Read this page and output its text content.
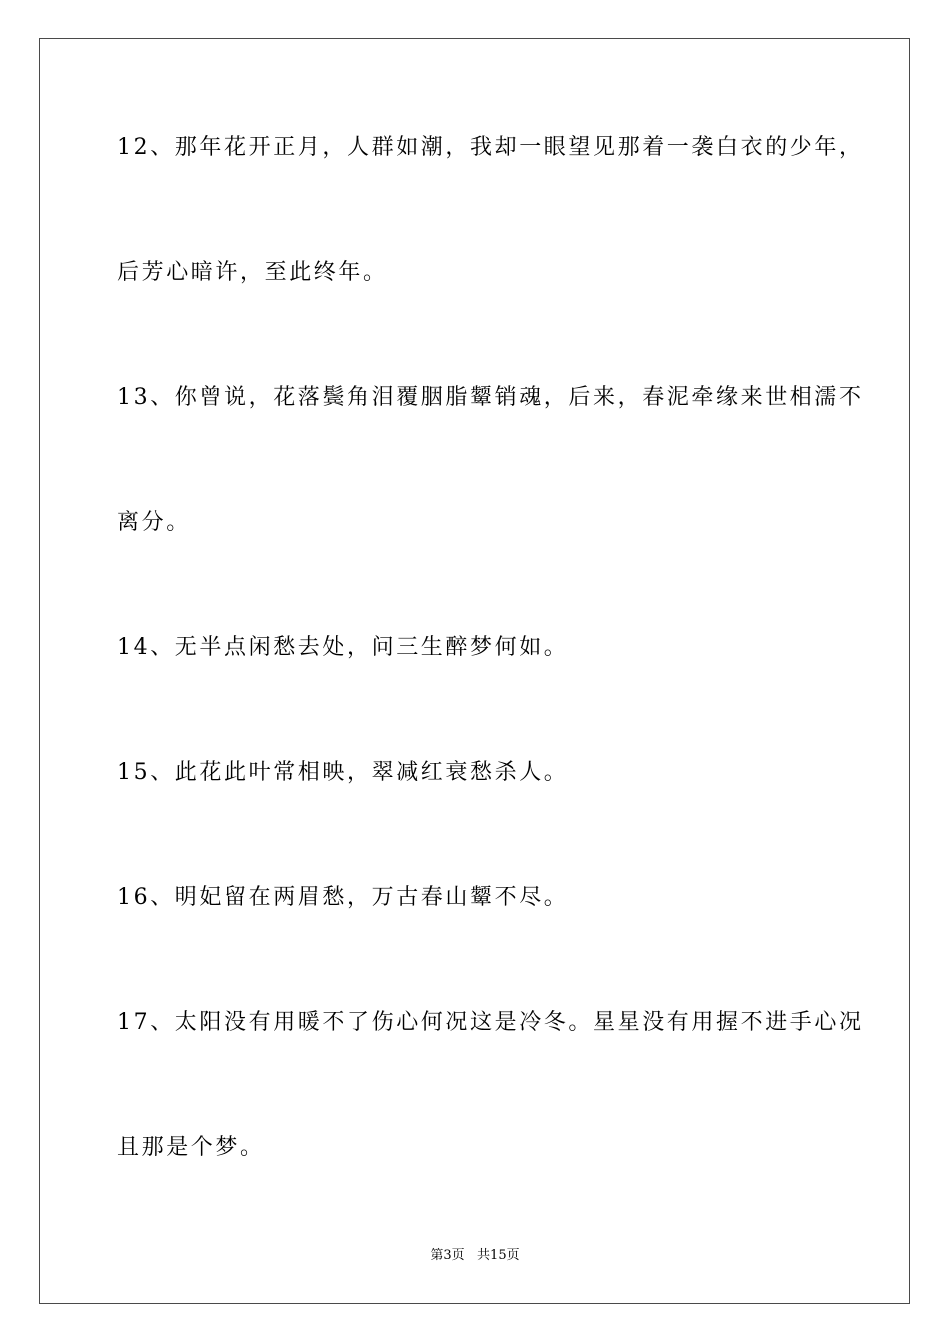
12、那年花开正月，人群如潮，我却一眼望见那着一袭白衣的少年，
后芳心暗许，至此终年。
13、你曾说，花落鬓角泪覆胭脂颦销魂，后来，春泥牵缘来世相濡不
离分。
14、无半点闲愁去处，问三生醉梦何如。
15、此花此叶常相映，翠减红衰愁杀人。
16、明妃留在两眉愁，万古春山颦不尽。
17、太阳没有用暖不了伤心何况这是冷冬。星星没有用握不进手心况
且那是个梦。
第3页   共15页
